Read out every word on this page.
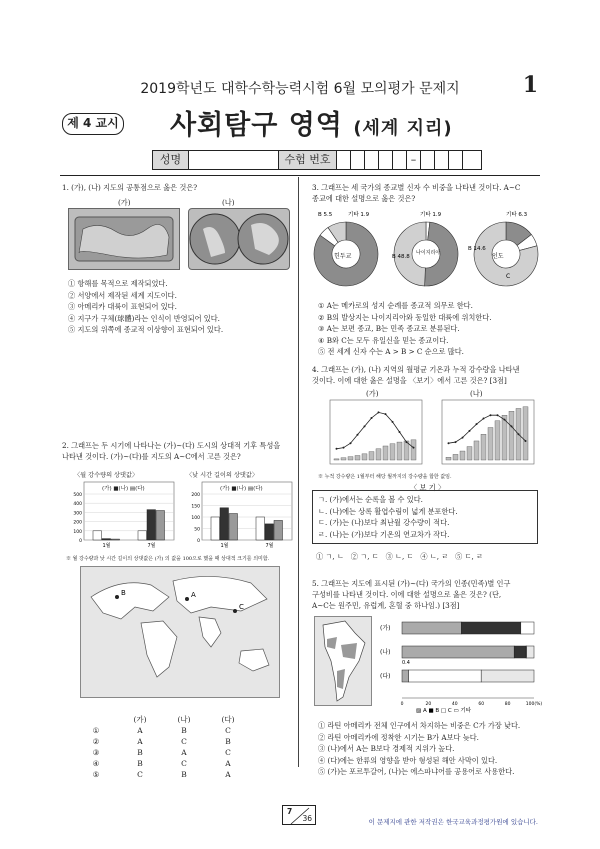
2019학년도 대학수학능력시험 6월 모의평가 문제지	1
제 4 교시 사회탐구 영역 (세계 지리)
성명	수험 번호	–
1. (가), (나) 지도의 공통점으로 옳은 것은?
(가)	(나)
① 항해를 목적으로 제작되었다.
② 서양에서 제작된 세계 지도이다.
③ 아메리카 대륙이 표현되어 있다.
④ 지구가 구체(球體)라는 인식이 반영되어 있다.
⑤ 지도의 위쪽에 종교적 이상향이 표현되어 있다.
2. 그래프는 두 시기에 나타나는 (가)~(다) 도시의 상대적 기후 특성을
나타낸 것이다. (가)~(다)를 지도의 A~C에서 고른 것은?
〈월 강수량의 상댓값〉	〈낮 시간 길이의 상댓값〉
(가) ■(나) ▤(다)
500
400
300
200
100
0
1월	7월
(가) ■(나) ▤(다)
200
150
100
50
0
1월	7월
※ 월 강수량과 낮 시간 길이의 상댓값은 (가) 의 값을 100으로 했을 때 상대적 크기를 의미함.
A
B
C
	(가)	(나)	(다)
①	A	B	C
②	A	C	B
③	B	A	C
④	B	C	A
⑤	C	B	A
3. 그래프는 세 국가의 종교별 신자 수 비중을 나타낸 것이다. A~C
종교에 대한 설명으로 옳은 것은?
B 5.5	기타 1.9
힌두교
기타 1.9
B 48.8
나이지리아
기타 6.3
B 14.6
인도
C
① A는 메카로의 성지 순례를 종교적 의무로 한다.
② B의 발상지는 나이지리아와 동일한 대륙에 위치한다.
③ A는 보편 종교, B는 민족 종교로 분류된다.
④ B와 C는 모두 유일신을 믿는 종교이다.
⑤ 전 세계 신자 수는 A > B > C 순으로 많다.
4. 그래프는 (가), (나) 지역의 월평균 기온과 누적 강수량을 나타낸
것이다. 이에 대한 옳은 설명을 〈보기〉에서 고른 것은? [3점]
(가)	(나)
※ 누적 강수량은 1월부터 해당 월까지의 강수량을 합한 값임.
〈 보 기 〉
ㄱ. (가)에서는 순록을 볼 수 있다.
ㄴ. (나)에는 상록 활엽수림이 넓게 분포한다.
ㄷ. (가)는 (나)보다 최난월 강수량이 적다.
ㄹ. (나)는 (가)보다 기온의 연교차가 작다.
① ㄱ, ㄴ   ② ㄱ, ㄷ   ③ ㄴ, ㄷ   ④ ㄴ, ㄹ   ⑤ ㄷ, ㄹ
5. 그래프는 지도에 표시된 (가)~(다) 국가의 인종(민족)별 인구
구성비를 나타낸 것이다. 이에 대한 설명으로 옳은 것은? (단,
A~C는 원주민, 유럽계, 혼혈 중 하나임.) [3점]
0	20	40	60	80	100(%)
(가)
(나)
(다)
0.4
▨ A ■ B □ C ▭ 기타
① 라틴 아메리카 전체 인구에서 차지하는 비중은 C가 가장 낮다.
② 라틴 아메리카에 정착한 시기는 B가 A보다 늦다.
③ (나)에서 A는 B보다 경제적 지위가 높다.
④ (다)에는 한류의 영향을 받아 형성된 해안 사막이 있다.
⑤ (가)는 포르투갈어, (나)는 에스파냐어를 공용어로 사용한다.
7
36	이 문제지에 관한 저작권은 한국교육과정평가원에 있습니다.
